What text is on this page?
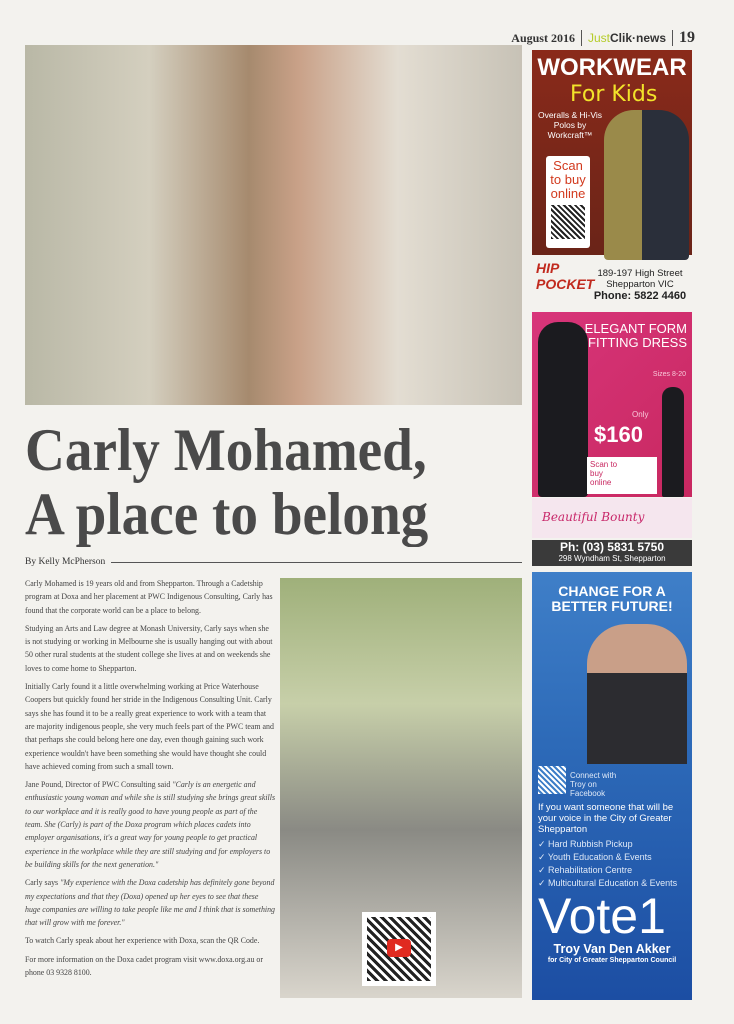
August 2016 JustClik·news 19
Carly Mohamed,
A place to belong
By Kelly McPherson

Carly Mohamed is 19 years old and from Shepparton. Through a Cadetship program at Doxa and her placement at PWC Indigenous Consulting, Carly has found that the corporate world can be a place to belong.

Studying an Arts and Law degree at Monash University, Carly says when she is not studying or working in Melbourne she is usually hanging out with about 50 other rural students at the student college she lives at and on weekends she loves to come home to Shepparton.

Initially Carly found it a little overwhelming working at Price Waterhouse Coopers but quickly found her stride in the Indigenous Consulting Unit. Carly says she has found it to be a really great experience to work with a team that are majority indigenous people, she very much feels part of the PWC team and that perhaps she could belong here one day, even though gaining such work experience wouldn't have been something she would have thought she could have achieved coming from such a small town.

Jane Pound, Director of PWC Consulting said "Carly is an energetic and enthusiastic young woman and while she is still studying she brings great skills to our workplace and it is really good to have young people as part of the team. She (Carly) is part of the Doxa program which places cadets into employer organisations, it's a great way for young people to get practical experience in the workplace while they are still studying and for employers to be building skills for the next generation."

Carly says "My experience with the Doxa cadetship has definitely gone beyond my expectations and that they (Doxa) opened up her eyes to see that these huge companies are willing to take people like me and I think that is something that will grow with me forever."

To watch Carly speak about her experience with Doxa, scan the QR Code.

For more information on the Doxa cadet program visit www.doxa.org.au or phone 03 9328 8100.

▶
WORKWEAR
For Kids
Overalls & Hi-Vis Polos by Workcraft™
Scan to buy online
HIP POCKET
189-197 High Street
Shepparton VIC
Phone: 5822 4460
ELEGANT FORM FITTING DRESS
Sizes 8-20
Only
$160
Scan to buy online
Beautiful Bounty
Ph: (03) 5831 5750
298 Wyndham St, Shepparton
CHANGE FOR A BETTER FUTURE!
Connect with Troy on Facebook
If you want someone that will be your voice in the City of Greater Shepparton
✓ Hard Rubbish Pickup
✓ Youth Education & Events
✓ Rehabilitation Centre
✓ Multicultural Education & Events
Vote1
Troy Van Den Akker
for City of Greater Shepparton Council
